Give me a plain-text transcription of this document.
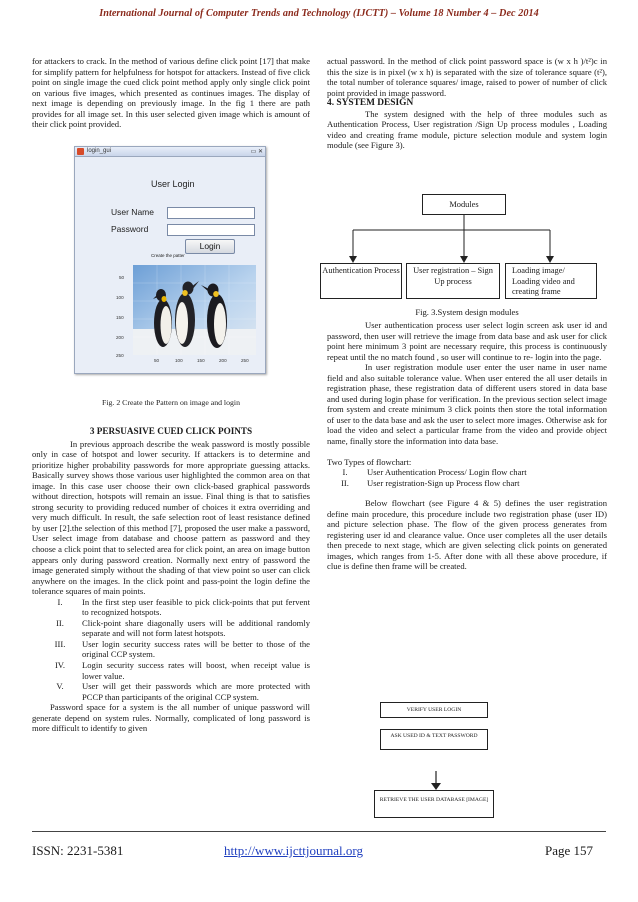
International Journal of Computer Trends and Technology (IJCTT) – Volume 18 Number 4 – Dec 2014

for attackers to crack. In the method of various define click point [17] that make for simplify pattern for helpfulness for hotspot for attackers. Instead of five click point on single image the cued click point method apply only single click point on various five images, which presented as continues images. The display of next image is depending on previously image. In the fig 1 there are path provides for all image set. In this user selected given image which is amount of their click point provided.

login_gui	▭ ✕
User Login
User Name
Password
Login
Create the patter
50
100
150
200
250
50	100	150	200	250
Fig. 2 Create the Pattern on image and login

3 PERSUASIVE CUED CLICK POINTS

In previous approach describe the weak password is mostly possible only in case of hotspot and lower security. If attackers is to determine and prioritize higher probability passwords for more appropriate guessing attacks. Basically survey shows those various user highlighted the common area on that image. In this case user choose their own click-based graphical passwords without direction, hotspots will remain an issue. Final thing is that to satisfies strong security to providing reduced number of choices it extra overriding and very much difficult. In result, the safe selection root of least resistance defined by user [2].the selection of this method [7], proposed the user make a password, User select image from database and choose pattern as password and they choose a click point that to selected area for click point, an area on image button appears only during password creation. Normally next entry of password the image generated simply without the shading of that view point so user can click anywhere on the images. In the click point and pass-point the login define the tolerance squares of main points.

I.	In the first step user feasible to pick click-points that put fervent to recognized hotspots.
II.	Click-point share diagonally users will be additional randomly separate and will not form latest hotspots.
III.	User login security success rates will be better to those of the original CCP system.
IV.	Login security success rates will boost, when receipt value is lower value.
V.	User will get their passwords which are more protected with PCCP than participants of the original CCP system.

Password space for a system is the all number of unique password will generate depend on system rules. Normally, complicated of long password is more difficult to identify to given

actual password. In the method of click point password space is (w x h )/t²)c in this the size is in pixel (w x h) is separated with the size of tolerance square (t²), the total number of tolerance squares/ image, raised to power of number of click point provided in image password.

4. SYSTEM DESIGN

The system designed with the help of three modules such as Authentication Process, User registration /Sign Up process modules , Loading video and creating frame module, picture selection module and system login module (see Figure 3).

Modules
Authentication Process	User registration – Sign Up process
Loading image/ Loading video and creating frame
Fig. 3.System design modules

User authentication process user select login screen ask user id and password, then user will retrieve the image from data base and ask user for click point here minimum 3 point are necessary require, this process is continuously repeat until the no match found , so user will continue to re- login into the page.

In user registration module user enter the user name in user name field and also suitable tolerance value. When user entered the all user details in registration phase, these registration data of different users stored in data base and used during login phase for verification. In the previous section select image from system and create minimum 3 click points then store the total information of user to the data base and ask the user to select more images. Otherwise ask for load the video and select a particular frame from the video and provide object name, finally store the information into data base.

Two Types of flowchart:

I.	User Authentication Process/ Login flow chart
II.	User registration-Sign up Process flow chart

Below flowchart (see Figure 4 & 5) defines the user registration define main procedure, this procedure include two registration phase (user ID) and picture selection phase. The flow of the given process generates from registering user id and clearance value. Once user completes all the user details then precede to next stage, which are given selecting click points on generated images, which ranges from 1-5. After done with all these above procedure, if clue is define then frame will be created.

VERIFY USER LOGIN
ASK USED ID & TEXT PASSWORD
RETRIEVE THE USER DATABASE [IMAGE]
ISSN: 2231-5381	http://www.ijcttjournal.org	Page 157
